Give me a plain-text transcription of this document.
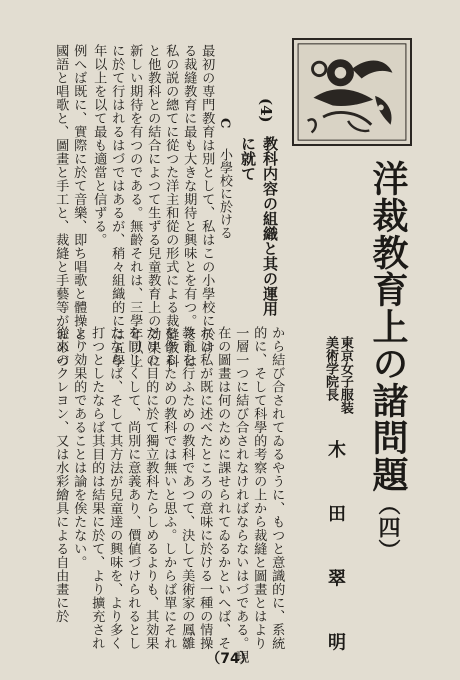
洋裁教育上の諸問題（四）
東京女子服装
美術学院長
木 田 翠 明
(4)
教科内容の組織と其の運用
に就て
C
小學校に於ける
最初の専門教育は別として、私はこの小學校に於け
る裁縫教育に最も大きな期待と興味とを有つ。それは
私の説の總てに從つた洋主和從の形式による裁縫教科
と他教科との結合によつて生ずる兒童教育上の効果に
新しい期待を有つのである。無齡それは、三學年以上
に於て行はれるはづではあるが、稍々組織的には五學
年以上を以て最も適當と信ずる。
例へば既に、實際に於て音樂、即ち唱歌と體操と、
國語と唱歌と、圖畫と手工と、裁縫と手藝等がおのづ
から結び合されてゐるやうに、もつと意識的に、系統
的に、そして科學的考察の上から裁縫と圖畫とはより
一層一つに結び合されなければならないはづである。現
在の圖畫は何のために課せられてゐるかといへば、そ
れは私が既に述べたところの意味に於ける一種の情操
教育を行ふための教科であつて、決して美術家の鳳雛
を作るための教科では無いと思ふ。しからば單にそれ
だけの目的に於て獨立教科たらしめるよりも、其効果
を同じくして、尚別に意義あり、價値づけられるとし
たならば、そして其方法が兒童達の興味を、より多く
打つとしたならば其目的は結果に於て、より擴充され
より効果的であることは論を俟たない。
從來のクレヨン、又は水彩繪具による自由畫に於
（74）
